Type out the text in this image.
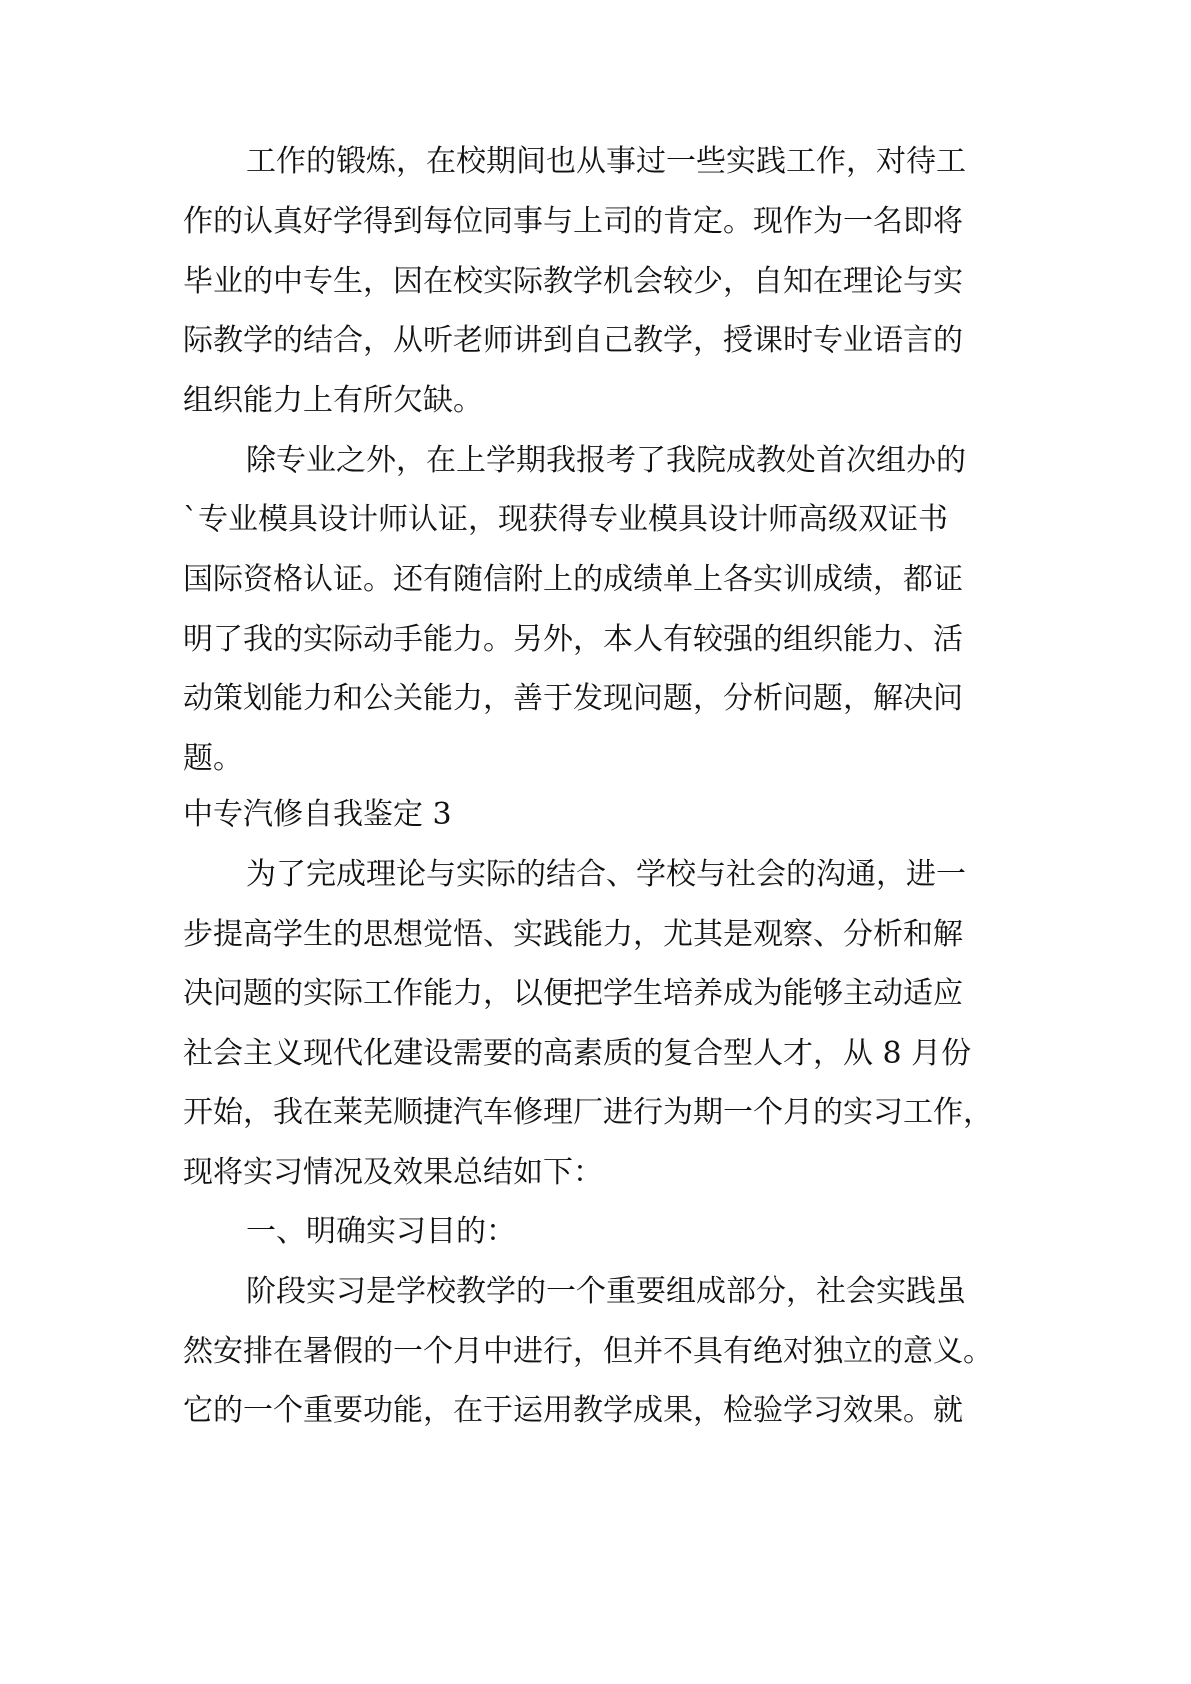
工作的锻炼，在校期间也从事过一些实践工作，对待工
作的认真好学得到每位同事与上司的肯定。现作为一名即将
毕业的中专生，因在校实际教学机会较少，自知在理论与实
际教学的结合，从听老师讲到自己教学，授课时专业语言的
组织能力上有所欠缺。
除专业之外，在上学期我报考了我院成教处首次组办的
`专业模具设计师认证，现获得专业模具设计师高级双证书
国际资格认证。还有随信附上的成绩单上各实训成绩，都证
明了我的实际动手能力。另外，本人有较强的组织能力、活
动策划能力和公关能力，善于发现问题，分析问题，解决问
题。
中专汽修自我鉴定 3
为了完成理论与实际的结合、学校与社会的沟通，进一
步提高学生的思想觉悟、实践能力，尤其是观察、分析和解
决问题的实际工作能力，以便把学生培养成为能够主动适应
社会主义现代化建设需要的高素质的复合型人才，从 8 月份
开始，我在莱芜顺捷汽车修理厂进行为期一个月的实习工作，
现将实习情况及效果总结如下：
一、明确实习目的：
阶段实习是学校教学的一个重要组成部分，社会实践虽
然安排在暑假的一个月中进行，但并不具有绝对独立的意义。
它的一个重要功能，在于运用教学成果，检验学习效果。就
